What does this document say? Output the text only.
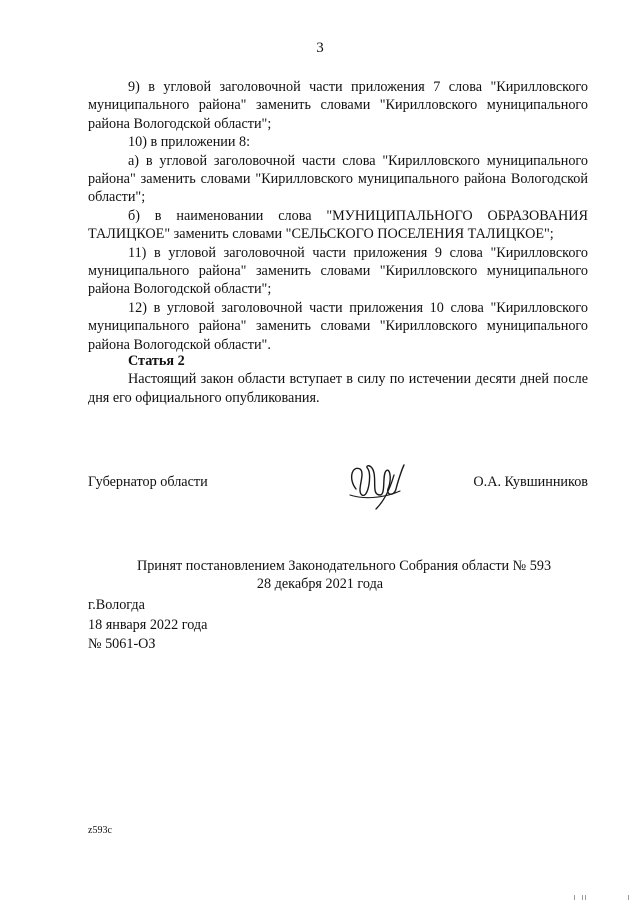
3

9) в угловой заголовочной части приложения 7 слова "Кирилловского муниципального района" заменить словами "Кирилловского муниципального района Вологодской области";

10) в приложении 8:

а) в угловой заголовочной части слова "Кирилловского муниципального района" заменить словами "Кирилловского муниципального района Вологодской области";

б) в наименовании слова "МУНИЦИПАЛЬНОГО ОБРАЗОВАНИЯ ТАЛИЦКОЕ" заменить словами "СЕЛЬСКОГО ПОСЕЛЕНИЯ ТАЛИЦКОЕ";

11) в угловой заголовочной части приложения 9 слова "Кирилловского муниципального района" заменить словами "Кирилловского муниципального района Вологодской области";

12) в угловой заголовочной части приложения 10 слова "Кирилловского муниципального района" заменить словами "Кирилловского муниципального района Вологодской области".

Статья 2

Настоящий закон области вступает в силу по истечении десяти дней после дня его официального опубликования.

Губернатор области	О.А. Кувшинников
Принят постановлением Законодательного Собрания области № 593
28 декабря 2021 года
г.Вологда
18 января 2022 года
№ 5061-ОЗ
z593c
